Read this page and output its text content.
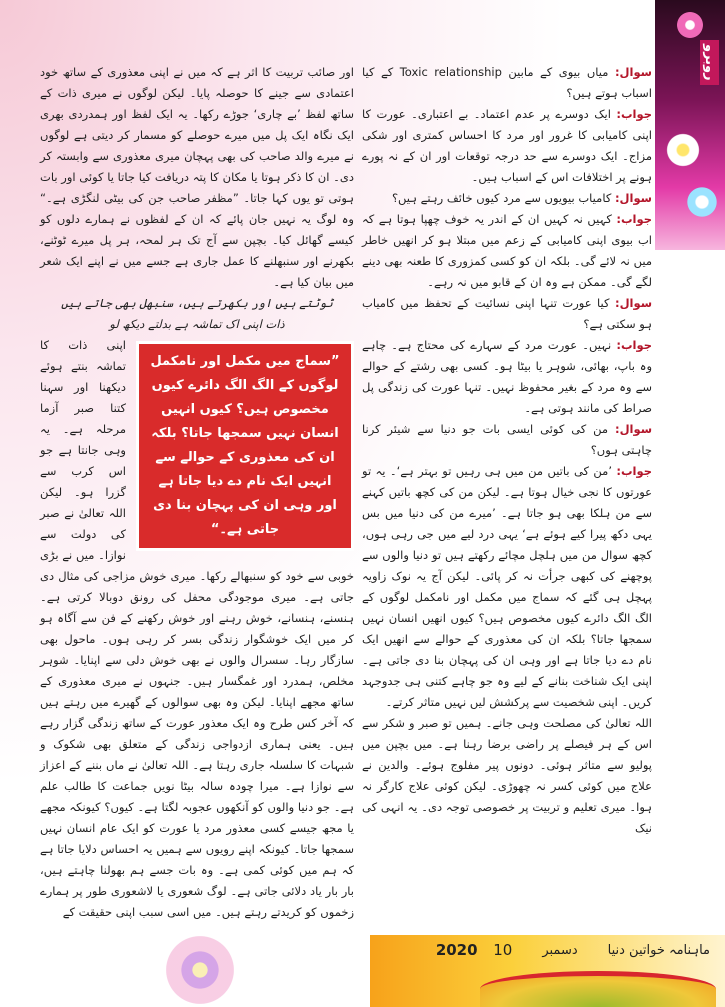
روبرو

اور صائب تربیت کا اثر ہے کہ میں نے اپنی معذوری کے ساتھ خود اعتمادی سے جینے کا حوصلہ پایا۔ لیکن لوگوں نے میری ذات کے ساتھ لفظ ’بے چاری‘ جوڑے رکھا۔ یہ ایک لفظ اور ہمدردی بھری ایک نگاہ ایک پل میں میرے حوصلے کو مسمار کر دیتی ہے لوگوں نے میرے والد صاحب کی بھی پہچان میری معذوری سے وابستہ کر دی۔ ان کا ذکر ہوتا یا مکان کا پتہ دریافت کیا جاتا یا کوئی اور بات ہوتی تو یوں کہا جاتا۔ ”مظفر صاحب جن کی بیٹی لنگڑی ہے۔“ وہ لوگ یہ نہیں جان پائے کہ ان کے لفظوں نے ہمارے دلوں کو کیسے گھائل کیا۔ بچپن سے آج تک ہر لمحہ، ہر پل میرے ٹوٹنے، بکھرنے اور سنبھلنے کا عمل جاری ہے جسے میں نے اپنے ایک شعر میں بیان کیا ہے۔

ٹوٹتے ہیں اور بکھرتے ہیں، سنبھل بھی جاتے ہیں

ذات اپنی اک تماشہ ہے بدلتے دیکھ لو

”سماج میں مکمل اور نامکمل لوگوں کے الگ الگ دائرے کیوں مخصوص ہیں؟ کیوں انہیں انسان نہیں سمجھا جاتا؟ بلکہ ان کی معذوری کے حوالے سے انہیں ایک نام دے دیا جاتا ہے اور وہی ان کی پہچان بنا دی جاتی ہے۔“

اپنی ذات کا تماشہ بنتے ہوئے دیکھنا اور سہنا کتنا صبر آزما مرحلہ ہے۔ یہ وہی جانتا ہے جو اس کرب سے گزرا ہو۔ لیکن اللہ تعالیٰ نے صبر کی دولت سے نوازا۔ میں نے بڑی خوبی سے خود کو سنبھالے رکھا۔ میری خوش مزاجی کی مثال دی جاتی ہے۔ میری موجودگی محفل کی رونق دوبالا کرتی ہے۔ ہنسنے، ہنسانے، خوش رہنے اور خوش رکھنے کے فن سے آگاہ ہو کر میں ایک خوشگوار زندگی بسر کر رہی ہوں۔ ماحول بھی سازگار رہا۔ سسرال والوں نے بھی خوش دلی سے اپنایا۔ شوہر مخلص، ہمدرد اور غمگسار ہیں۔ جنہوں نے میری معذوری کے ساتھ مجھے اپنایا۔ لیکن وہ بھی سوالوں کے گھیرے میں رہتے ہیں کہ آخر کس طرح وہ ایک معذور عورت کے ساتھ زندگی گزار رہے ہیں۔ یعنی ہماری ازدواجی زندگی کے متعلق بھی شکوک و شبہات کا سلسلہ جاری رہتا ہے۔ اللہ تعالیٰ نے ماں بننے کے اعزاز سے نوازا ہے۔ میرا چودہ سالہ بیٹا نویں جماعت کا طالب علم ہے۔ جو دنیا والوں کو آنکھوں عجوبہ لگتا ہے۔ کیوں؟ کیونکہ مجھے یا مجھ جیسے کسی معذور مرد یا عورت کو ایک عام انسان نہیں سمجھا جاتا۔ کیونکہ اپنے رویوں سے ہمیں یہ احساس دلایا جاتا ہے کہ ہم میں کوئی کمی ہے۔ وہ بات جسے ہم بھولنا چاہتے ہیں، بار بار یاد دلائی جاتی ہے۔ لوگ شعوری یا لاشعوری طور پر ہمارے زخموں کو کریدتے رہتے ہیں۔ میں اسی سبب اپنی حقیقت کے

سوال: میاں بیوی کے مابین Toxic relationship کے کیا اسباب ہوتے ہیں؟

جواب: ایک دوسرے پر عدم اعتماد۔ بے اعتباری۔ عورت کا اپنی کامیابی کا غرور اور مرد کا احساس کمتری اور شکی مزاج۔ ایک دوسرے سے حد درجہ توقعات اور ان کے نہ پورے ہونے پر اختلافات اس کے اسباب ہیں۔

سوال: کامیاب بیویوں سے مرد کیوں خائف رہتے ہیں؟

جواب: کہیں نہ کہیں ان کے اندر یہ خوف چھپا ہوتا ہے کہ اب بیوی اپنی کامیابی کے زعم میں مبتلا ہو کر انھیں خاطر میں نہ لائے گی۔ بلکہ ان کو کسی کمزوری کا طعنہ بھی دینے لگے گی۔ ممکن ہے وہ ان کے قابو میں نہ رہے۔

سوال: کیا عورت تنہا اپنی نسائیت کے تحفظ میں کامیاب ہو سکتی ہے؟

جواب: نہیں۔ عورت مرد کے سہارے کی محتاج ہے۔ چاہے وہ باپ، بھائی، شوہر یا بیٹا ہو۔ کسی بھی رشتے کے حوالے سے وہ مرد کے بغیر محفوظ نہیں۔ تنہا عورت کی زندگی پل صراط کی مانند ہوتی ہے۔

سوال: من کی کوئی ایسی بات جو دنیا سے شیئر کرنا چاہتی ہوں؟

جواب: ’من کی باتیں من میں ہی رہیں تو بہتر ہے‘۔ یہ تو عورتوں کا نجی خیال ہوتا ہے۔ لیکن من کی کچھ باتیں کہنے سے من ہلکا بھی ہو جاتا ہے۔ ’میرے من کی دنیا میں بس یہی دکھ پیرا کیے ہوئے ہے‘ یہی درد لیے میں جی رہی ہوں، کچھ سوال من میں ہلچل مچائے رکھتے ہیں تو دنیا والوں سے پوچھنے کی کبھی جرأت نہ کر پائی۔ لیکن آج یہ نوک زاویہ پہچل ہی گئے کہ سماج میں مکمل اور نامکمل لوگوں کے الگ الگ دائرے کیوں مخصوص ہیں؟ کیوں انھیں انسان نہیں سمجھا جاتا؟ بلکہ ان کی معذوری کے حوالے سے انھیں ایک نام دے دیا جاتا ہے اور وہی ان کی پہچان بنا دی جاتی ہے۔ اپنی ایک شناخت بنانے کے لیے وہ جو چاہے کتنی ہی جدوجہد کریں۔ اپنی شخصیت سے پرکشش لیں نہیں متاثر کرتے۔

اللہ تعالیٰ کی مصلحت وہی جانے۔ ہمیں تو صبر و شکر سے اس کے ہر فیصلے پر راضی برضا رہنا ہے۔ میں بچپن میں پولیو سے متاثر ہوئی۔ دونوں پیر مفلوج ہوئے۔ والدین نے علاج میں کوئی کسر نہ چھوڑی۔ لیکن کوئی علاج کارگر نہ ہوا۔ میری تعلیم و تربیت پر خصوصی توجہ دی۔ یہ انہی کی نیک

ماہنامہ خواتین دنیا
دسمبر
2020 10
